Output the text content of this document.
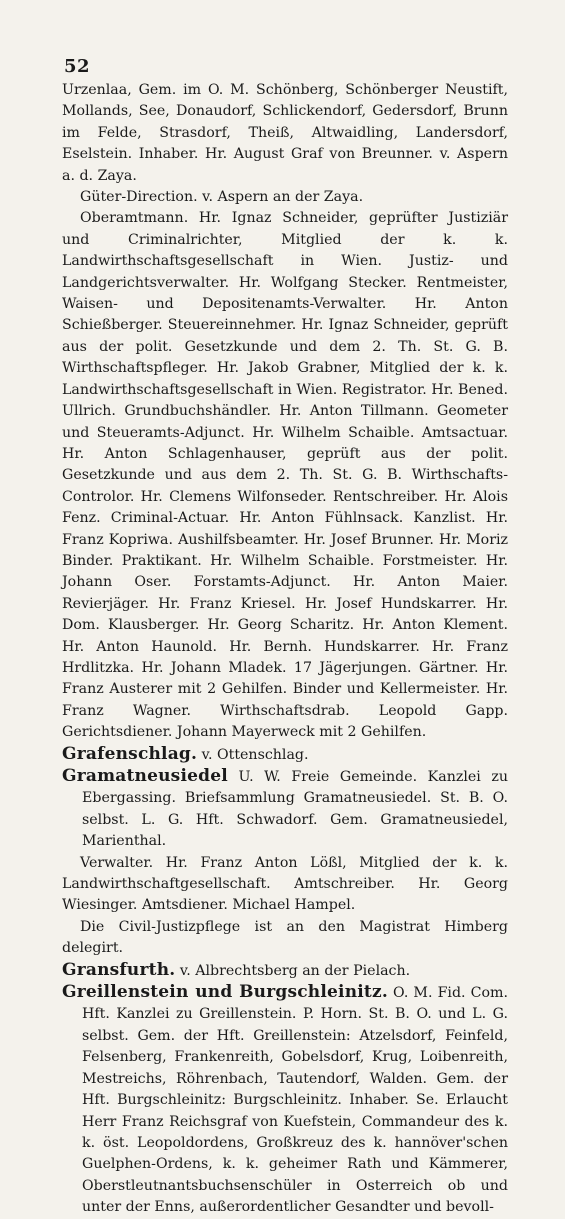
52

Urzenlaa, Gem. im O. M. Schönberg, Schönberger Neustift, Mollands, See, Donaudorf, Schlickendorf, Gedersdorf, Brunn im Felde, Strasdorf, Theiß, Altwaidling, Landersdorf, Eselstein. Inhaber. Hr. August Graf von Breunner. v. Aspern a. d. Zaya.

Güter-Direction. v. Aspern an der Zaya.

Oberamtmann. Hr. Ignaz Schneider, geprüfter Justiziär und Criminalrichter, Mitglied der k. k. Landwirthschaftsgesellschaft in Wien. Justiz- und Landgerichtsverwalter. Hr. Wolfgang Stecker. Rentmeister, Waisen- und Depositenamts-Verwalter. Hr. Anton Schießberger. Steuereinnehmer. Hr. Ignaz Schneider, geprüft aus der polit. Gesetzkunde und dem 2. Th. St. G. B. Wirthschaftspfleger. Hr. Jakob Grabner, Mitglied der k. k. Landwirthschaftsgesellschaft in Wien. Registrator. Hr. Bened. Ullrich. Grundbuchshändler. Hr. Anton Tillmann. Geometer und Steueramts-Adjunct. Hr. Wilhelm Schaible. Amtsactuar. Hr. Anton Schlagenhauser, geprüft aus der polit. Gesetzkunde und aus dem 2. Th. St. G. B. Wirthschafts-Controlor. Hr. Clemens Wilfonseder. Rentschreiber. Hr. Alois Fenz. Criminal-Actuar. Hr. Anton Fühlnsack. Kanzlist. Hr. Franz Kopriwa. Aushilfsbeamter. Hr. Josef Brunner. Hr. Moriz Binder. Praktikant. Hr. Wilhelm Schaible. Forstmeister. Hr. Johann Oser. Forstamts-Adjunct. Hr. Anton Maier. Revierjäger. Hr. Franz Kriesel. Hr. Josef Hundskarrer. Hr. Dom. Klausberger. Hr. Georg Scharitz. Hr. Anton Klement. Hr. Anton Haunold. Hr. Bernh. Hundskarrer. Hr. Franz Hrdlitzka. Hr. Johann Mladek. 17 Jägerjungen. Gärtner. Hr. Franz Austerer mit 2 Gehilfen. Binder und Kellermeister. Hr. Franz Wagner. Wirthschaftsdrab. Leopold Gapp. Gerichtsdiener. Johann Mayerweck mit 2 Gehilfen.

Grafenschlag. v. Ottenschlag.

Gramatneusiedel U. W. Freie Gemeinde. Kanzlei zu Ebergassing. Briefsammlung Gramatneusiedel. St. B. O. selbst. L. G. Hft. Schwadorf. Gem. Gramatneusiedel, Marienthal.

Verwalter. Hr. Franz Anton Lößl, Mitglied der k. k. Landwirthschaftgesellschaft. Amtschreiber. Hr. Georg Wiesinger. Amtsdiener. Michael Hampel.

Die Civil-Justizpflege ist an den Magistrat Himberg delegirt.

Gransfurth. v. Albrechtsberg an der Pielach.

Greillenstein und Burgschleinitz. O. M. Fid. Com. Hft. Kanzlei zu Greillenstein. P. Horn. St. B. O. und L. G. selbst. Gem. der Hft. Greillenstein: Atzelsdorf, Feinfeld, Felsenberg, Frankenreith, Gobelsdorf, Krug, Loibenreith, Mestreichs, Röhrenbach, Tautendorf, Walden. Gem. der Hft. Burgschleinitz: Burgschleinitz. Inhaber. Se. Erlaucht Herr Franz Reichsgraf von Kuefstein, Commandeur des k. k. öst. Leopoldordens, Großkreuz des k. hannöver'schen Guelphen-Ordens, k. k. geheimer Rath und Kämmerer, Oberstleutnantsbuchsenschüler in Osterreich ob und unter der Enns, außerordentlicher Gesandter und bevoll-
